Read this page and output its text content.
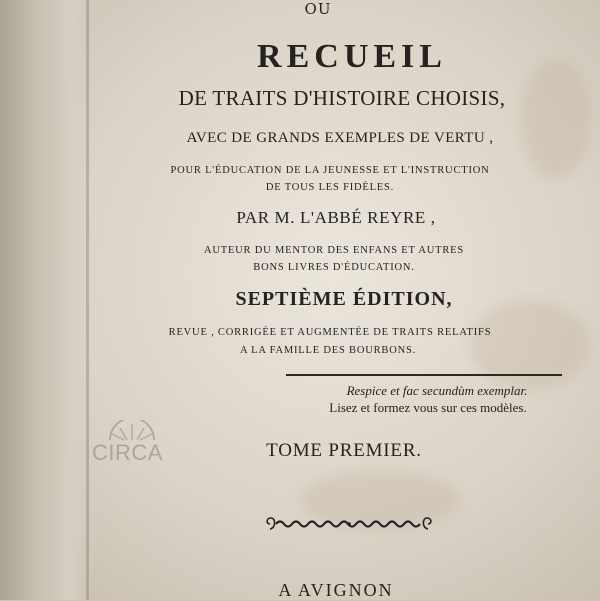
OU
RECUEIL
DE TRAITS D'HISTOIRE CHOISIS,
AVEC DE GRANDS EXEMPLES DE VERTU ,
POUR L'ÉDUCATION DE LA JEUNESSE ET L'INSTRUCTION
DE TOUS LES FIDÈLES.
PAR M. L'ABBÉ REYRE ,
AUTEUR DU MENTOR DES ENFANS ET AUTRES
BONS LIVRES D'ÉDUCATION.
SEPTIÈME ÉDITION,
REVUE , CORRIGÉE ET AUGMENTÉE DE TRAITS RELATIFS
A LA FAMILLE DES BOURBONS.
Respice et fac secundùm exemplar.
Lisez et formez vous sur ces modèles.
TOME PREMIER.
A AVIGNON
CIRCA
